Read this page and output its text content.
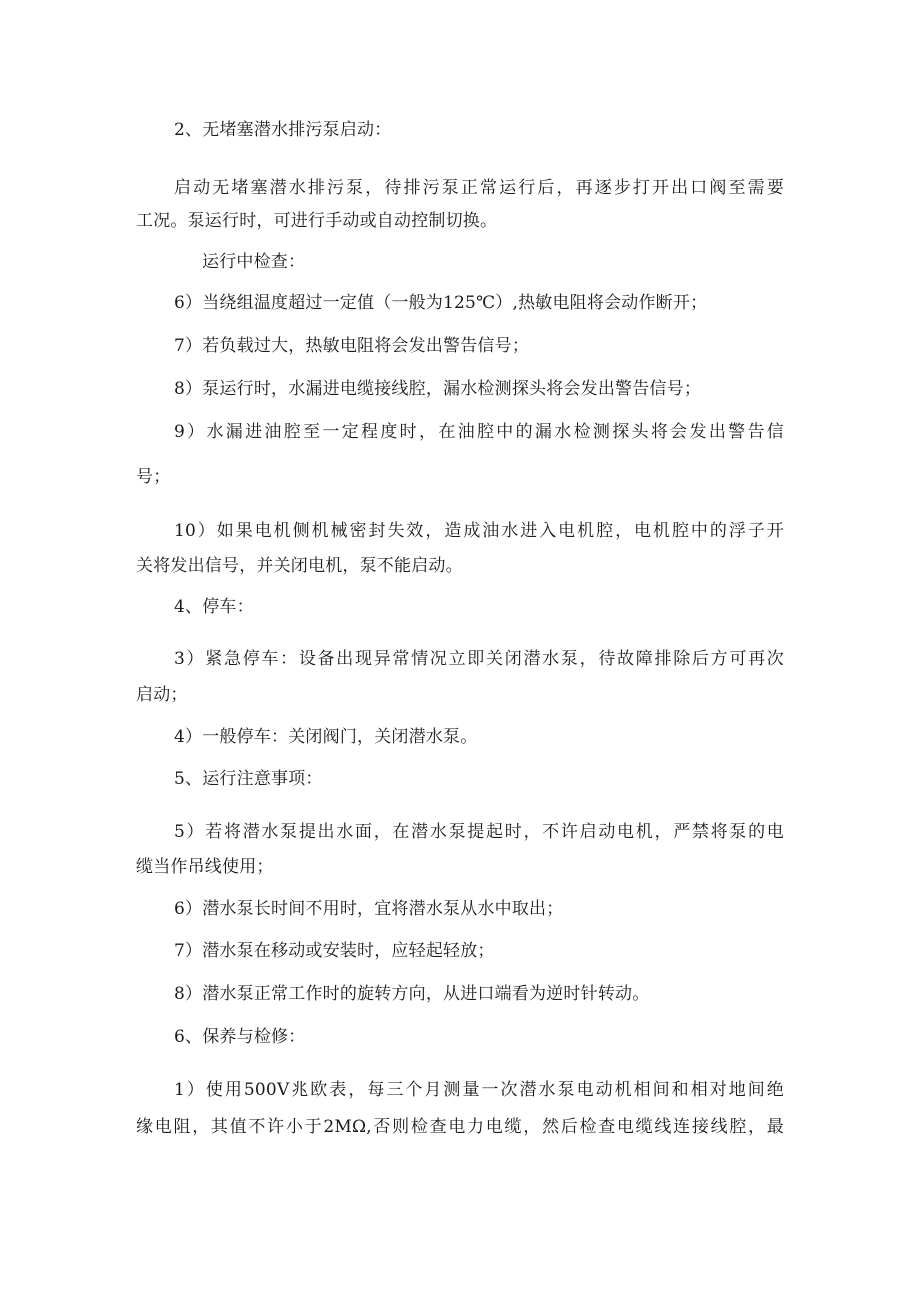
2、无堵塞潜水排污泵启动：
启动无堵塞潜水排污泵，待排污泵正常运行后，再逐步打开出口阀至需要
工况。泵运行时，可进行手动或自动控制切换。
运行中检查：
6）当绕组温度超过一定值（一般为125℃）,热敏电阻将会动作断开；
7）若负载过大，热敏电阻将会发出警告信号；
8）泵运行时，水漏进电缆接线腔，漏水检测探头将会发出警告信号；
9）水漏进油腔至一定程度时，在油腔中的漏水检测探头将会发出警告信
号；
10）如果电机侧机械密封失效，造成油水进入电机腔，电机腔中的浮子开
关将发出信号，并关闭电机，泵不能启动。
4、停车：
3）紧急停车：设备出现异常情况立即关闭潜水泵，待故障排除后方可再次
启动；
4）一般停车：关闭阀门，关闭潜水泵。
5、运行注意事项：
5）若将潜水泵提出水面，在潜水泵提起时，不许启动电机，严禁将泵的电
缆当作吊线使用；
6）潜水泵长时间不用时，宜将潜水泵从水中取出；
7）潜水泵在移动或安装时，应轻起轻放；
8）潜水泵正常工作时的旋转方向，从进口端看为逆时针转动。
6、保养与检修：
1）使用500V兆欧表，每三个月测量一次潜水泵电动机相间和相对地间绝
缘电阻，其值不许小于2MΩ,否则检查电力电缆，然后检查电缆线连接线腔，最
